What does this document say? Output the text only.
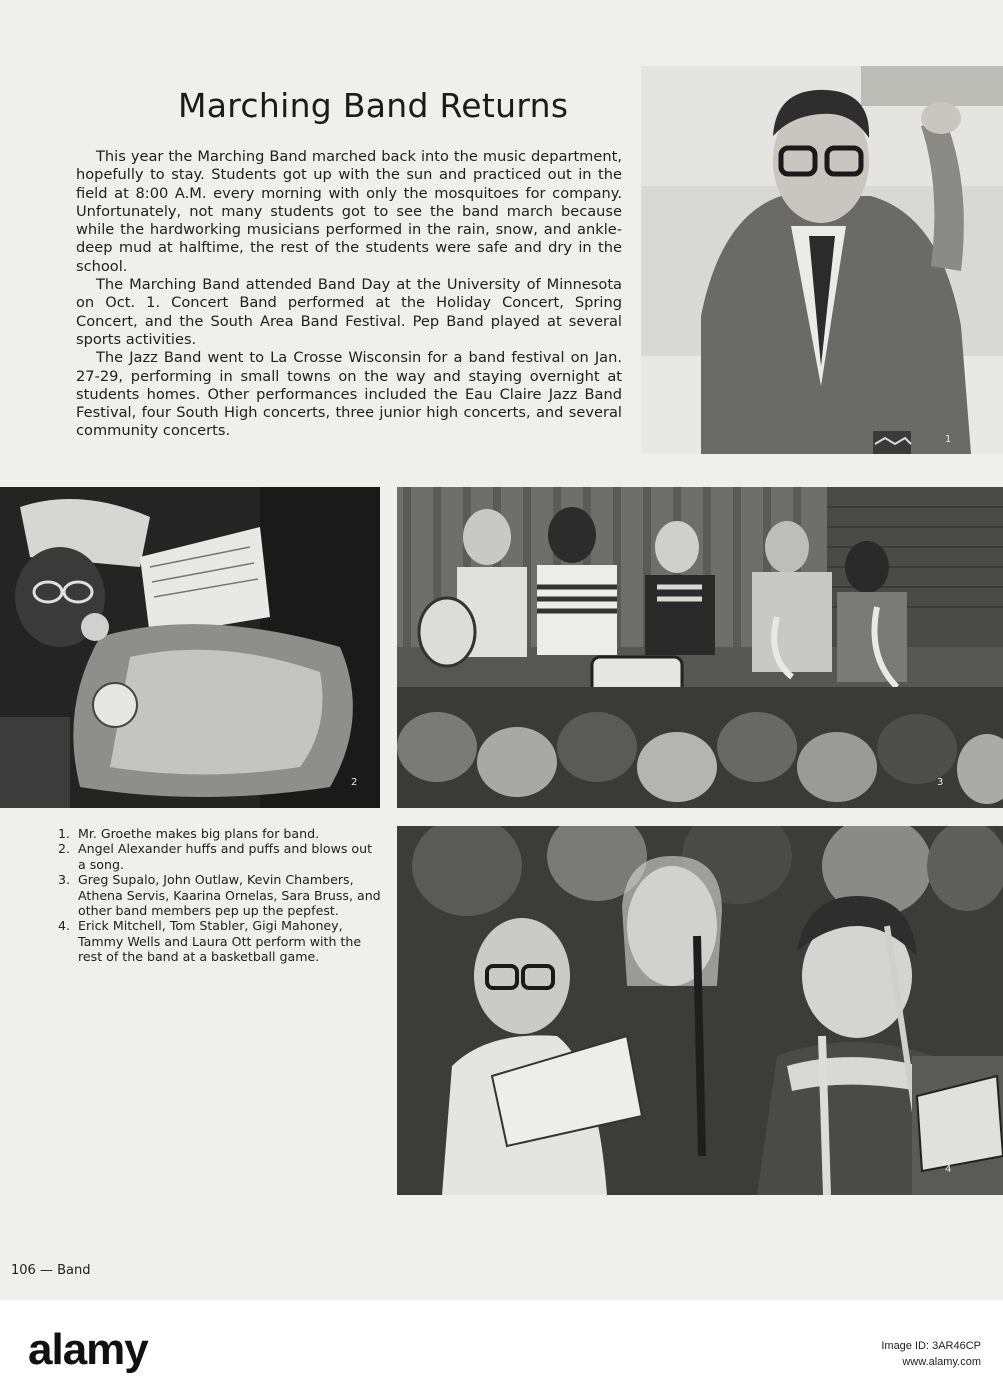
Marching Band Returns

This year the Marching Band marched back into the music department, hopefully to stay. Students got up with the sun and practiced out in the field at 8:00 A.M. every morning with only the mosquitoes for company. Unfortunately, not many students got to see the band march because while the hardworking musicians performed in the rain, snow, and ankle-deep mud at halftime, the rest of the students were safe and dry in the school.

The Marching Band attended Band Day at the University of Minnesota on Oct. 1. Concert Band performed at the Holiday Concert, Spring Concert, and the South Area Band Festival. Pep Band played at several sports activities.

The Jazz Band went to La Crosse Wisconsin for a band festival on Jan. 27-29, performing in small towns on the way and staying overnight at students homes. Other performances included the Eau Claire Jazz Band Festival, four South High concerts, three junior high concerts, and several community concerts.

1
2	3
4
1. Mr. Groethe makes big plans for band.
2. Angel Alexander huffs and puffs and blows out a song.
3. Greg Supalo, John Outlaw, Kevin Chambers, Athena Servis, Kaarina Ornelas, Sara Bruss, and other band members pep up the pepfest.
4. Erick Mitchell, Tom Stabler, Gigi Mahoney, Tammy Wells and Laura Ott perform with the rest of the band at a basketball game.
106 — Band
alamy	Image ID: 3AR46CP
www.alamy.com
